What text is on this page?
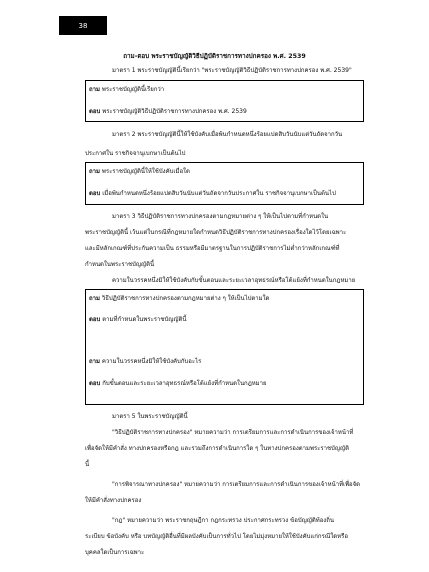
38
ถาม-ตอบ พระราชบัญญัติวิธีปฏิบัติราชการทางปกครอง พ.ศ. 2539
มาตรา 1 พระราชบัญญัตินี้เรียกว่า "พระราชบัญญัติวิธีปฏิบัติราชการทางปกครอง พ.ศ. 2539"
ถาม พระราชบัญญัตินี้เรียกว่า
ตอบ พระราชบัญญัติวิธีปฏิบัติราชการทางปกครอง พ.ศ. 2539
มาตรา 2 พระราชบัญญัตินี้ให้ใช้บังคับเมื่อพ้นกำหนดหนึ่งร้อยแปดสิบวันนับแต่วันถัดจากวัน
ประกาศใน ราชกิจจานุเบกษาเป็นต้นไป
ถาม พระราชบัญญัตินี้ให้ใช้บังคับเมื่อใด
ตอบ เมื่อพ้นกำหนดหนึ่งร้อยแปดสิบวันนับแต่วันถัดจากวันประกาศใน ราชกิจจานุเบกษาเป็นต้นไป
มาตรา 3 วิธีปฏิบัติราชการทางปกครองตามกฎหมายต่าง ๆ ให้เป็นไปตามที่กำหนดใน
พระราชบัญญัตินี้ เว้นแต่ในกรณีที่กฎหมายใดกำหนดวิธีปฏิบัติราชการทางปกครองเรื่องใดไว้โดยเฉพาะ
และมีหลักเกณฑ์ที่ประกันความเป็น ธรรมหรือมีมาตรฐานในการปฏิบัติราชการไม่ต่ำกว่าหลักเกณฑ์ที่
กำหนดในพระราชบัญญัตินี้
ความในวรรคหนึ่งมิให้ใช้บังคับกับขั้นตอนและระยะเวลาอุทธรณ์หรือโต้แย้งที่กำหนดในกฎหมาย
ถาม วิธีปฏิบัติราชการทางปกครองตามกฎหมายต่าง ๆ ให้เป็นไปตามใด
ตอบ ตามที่กำหนดในพระราชบัญญัตินี้
ถาม ความในวรรคหนึ่งมิให้ใช้บังคับกับอะไร
ตอบ กับขั้นตอนและระยะเวลาอุทธรณ์หรือโต้แย้งที่กำหนดในกฎหมาย
มาตรา 5 ในพระราชบัญญัตินี้
"วิธีปฏิบัติราชการทางปกครอง" หมายความว่า การเตรียมการและการดำเนินการของเจ้าหน้าที่
เพื่อจัดให้มีคำสั่ง ทางปกครองหรือกฎ และรวมถึงการดำเนินการใด ๆ ในทางปกครองตามพระราชบัญญัติ
นี้
"การพิจารณาทางปกครอง" หมายความว่า การเตรียมการและการดำเนินการของเจ้าหน้าที่เพื่อจัด
ให้มีคำสั่งทางปกครอง
"กฎ" หมายความว่า พระราชกฤษฎีกา กฎกระทรวง ประกาศกระทรวง ข้อบัญญัติท้องถิ่น
ระเบียบ ข้อบังคับ หรือ บทบัญญัติอื่นที่มีผลบังคับเป็นการทั่วไป โดยไม่มุ่งหมายให้ใช้บังคับแก่กรณีใดหรือ
บุคคลใดเป็นการเฉพาะ
